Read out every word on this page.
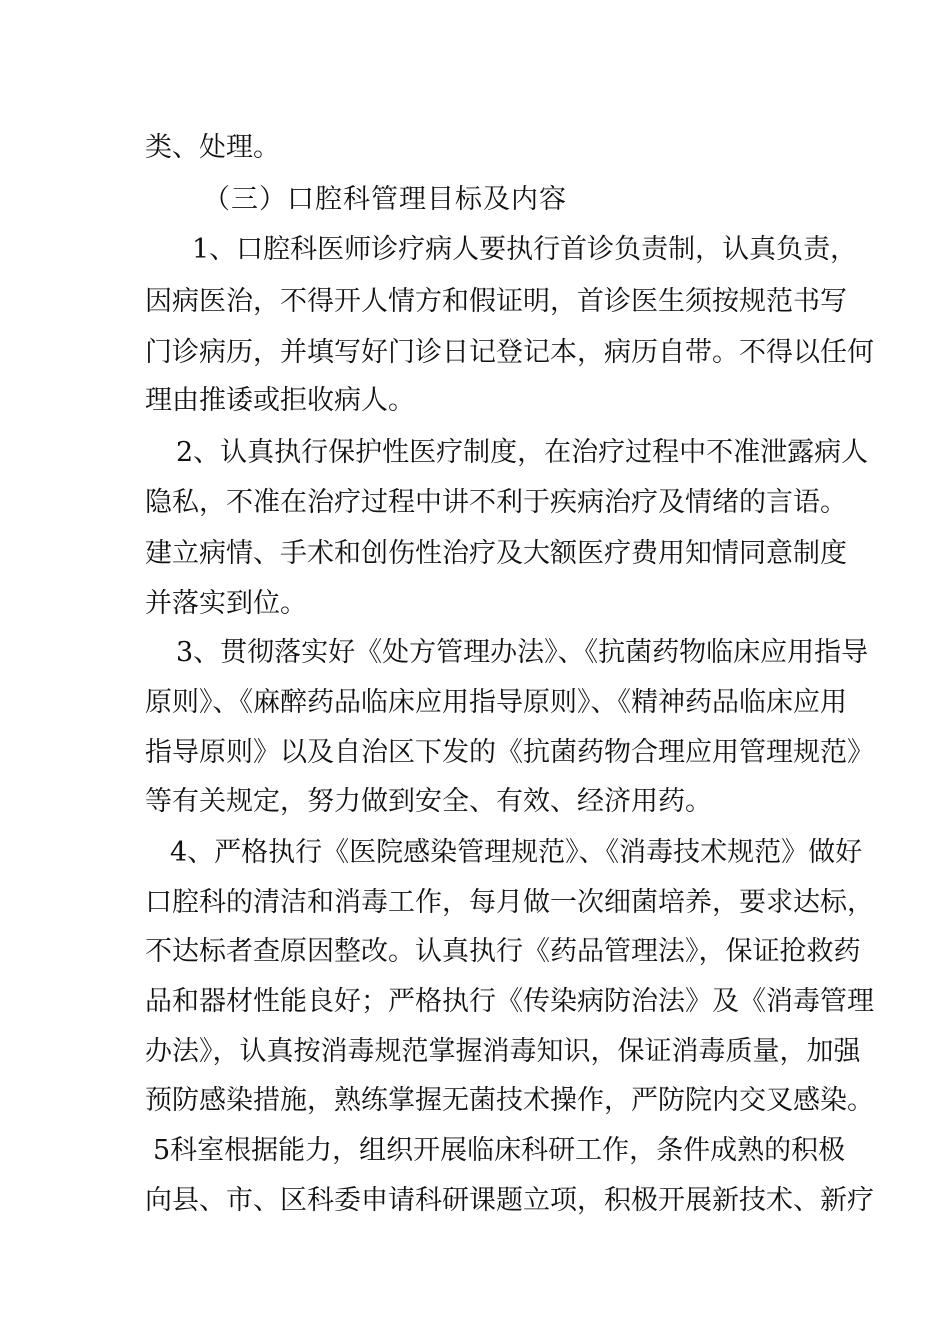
类、处理。
（三）口腔科管理目标及内容
1、口腔科医师诊疗病人要执行首诊负责制，认真负责，
因病医治，不得开人情方和假证明，首诊医生须按规范书写
门诊病历，并填写好门诊日记登记本，病历自带。不得以任何
理由推诿或拒收病人。
2、认真执行保护性医疗制度，在治疗过程中不准泄露病人
隐私，不准在治疗过程中讲不利于疾病治疗及情绪的言语。
建立病情、手术和创伤性治疗及大额医疗费用知情同意制度
并落实到位。
3、贯彻落实好《处方管理办法》、《抗菌药物临床应用指导
原则》、《麻醉药品临床应用指导原则》、《精神药品临床应用
指导原则》以及自治区下发的《抗菌药物合理应用管理规范》
等有关规定，努力做到安全、有效、经济用药。
4、严格执行《医院感染管理规范》、《消毒技术规范》做好
口腔科的清洁和消毒工作，每月做一次细菌培养，要求达标，
不达标者查原因整改。认真执行《药品管理法》，保证抢救药
品和器材性能良好；严格执行《传染病防治法》及《消毒管理
办法》，认真按消毒规范掌握消毒知识，保证消毒质量，加强
预防感染措施，熟练掌握无菌技术操作，严防院内交叉感染。
5科室根据能力，组织开展临床科研工作，条件成熟的积极
向县、市、区科委申请科研课题立项，积极开展新技术、新疗
